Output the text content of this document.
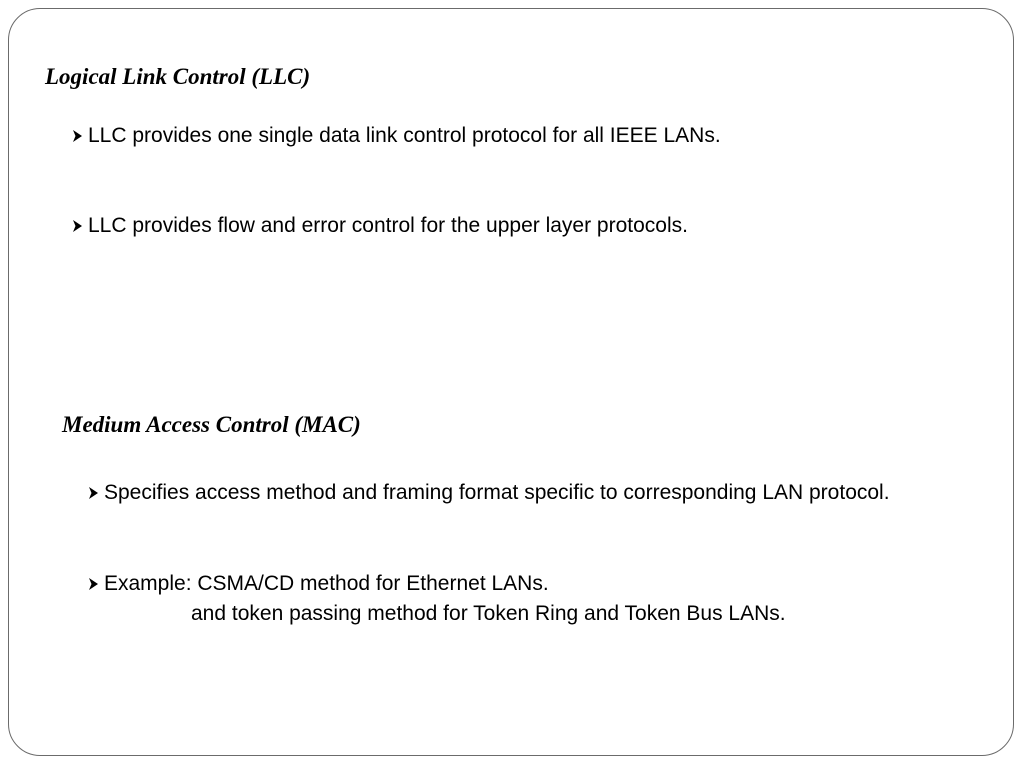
Logical Link Control (LLC)
LLC provides one single data link control protocol for all IEEE LANs.
LLC provides flow and error control for the upper layer protocols.
Medium Access Control (MAC)
Specifies access method and framing format specific to corresponding LAN protocol.
Example: CSMA/CD method for Ethernet LANs.
and token passing method for Token Ring and Token Bus LANs.
